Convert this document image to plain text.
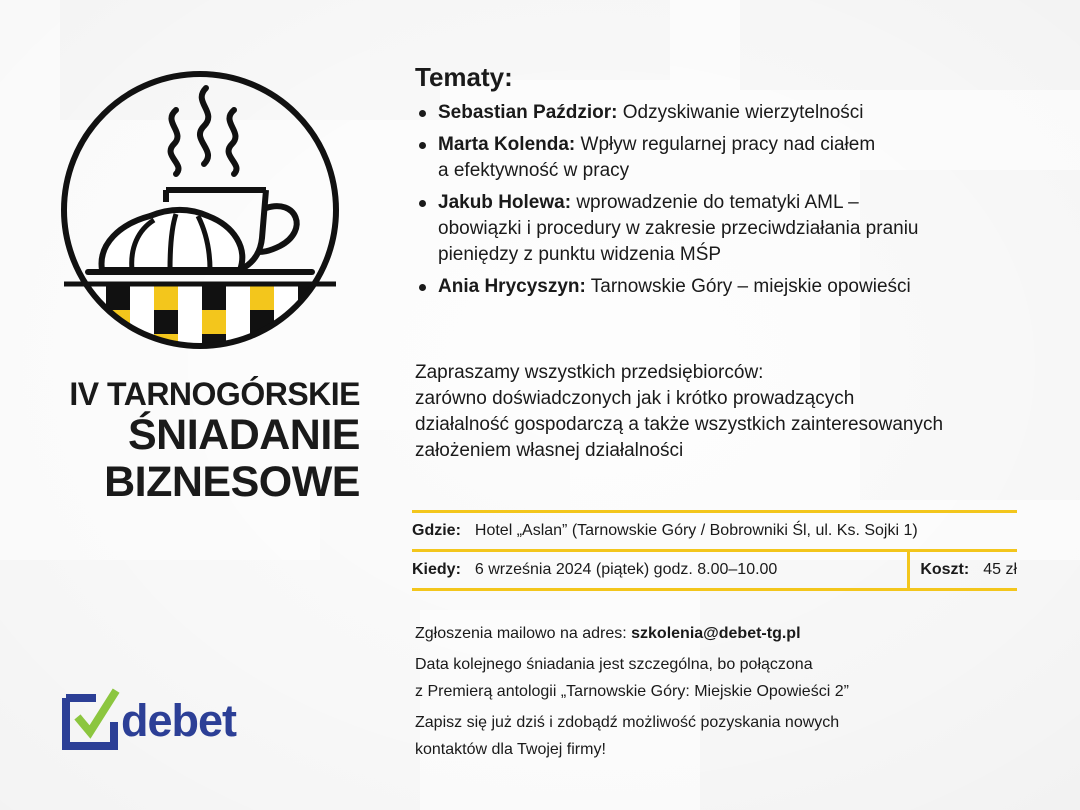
IV TARNOGÓRSKIE
ŚNIADANIE
BIZNESOWE
debet
Tematy:
Sebastian Paździor: Odzyskiwanie wierzytelności
Marta Kolenda: Wpływ regularnej pracy nad ciałem
a efektywność w pracy
Jakub Holewa: wprowadzenie do tematyki AML –
obowiązki i procedury w zakresie przeciwdziałania praniu
pieniędzy z punktu widzenia MŚP
Ania Hrycyszyn: Tarnowskie Góry – miejskie opowieści
Zapraszamy wszystkich przedsiębiorców:
zarówno doświadczonych jak i krótko prowadzących
działalność gospodarczą a także wszystkich zainteresowanych
założeniem własnej działalności
Gdzie: Hotel „Aslan” (Tarnowskie Góry / Bobrowniki Śl, ul. Ks. Sojki 1)
Kiedy: 6 września 2024 (piątek) godz. 8.00–10.00	Koszt: 45 zł
Zgłoszenia mailowo na adres: szkolenia@debet-tg.pl
Data kolejnego śniadania jest szczególna, bo połączona
z Premierą antologii „Tarnowskie Góry: Miejskie Opowieści 2”
Zapisz się już dziś i zdobądź możliwość pozyskania nowych
kontaktów dla Twojej firmy!
